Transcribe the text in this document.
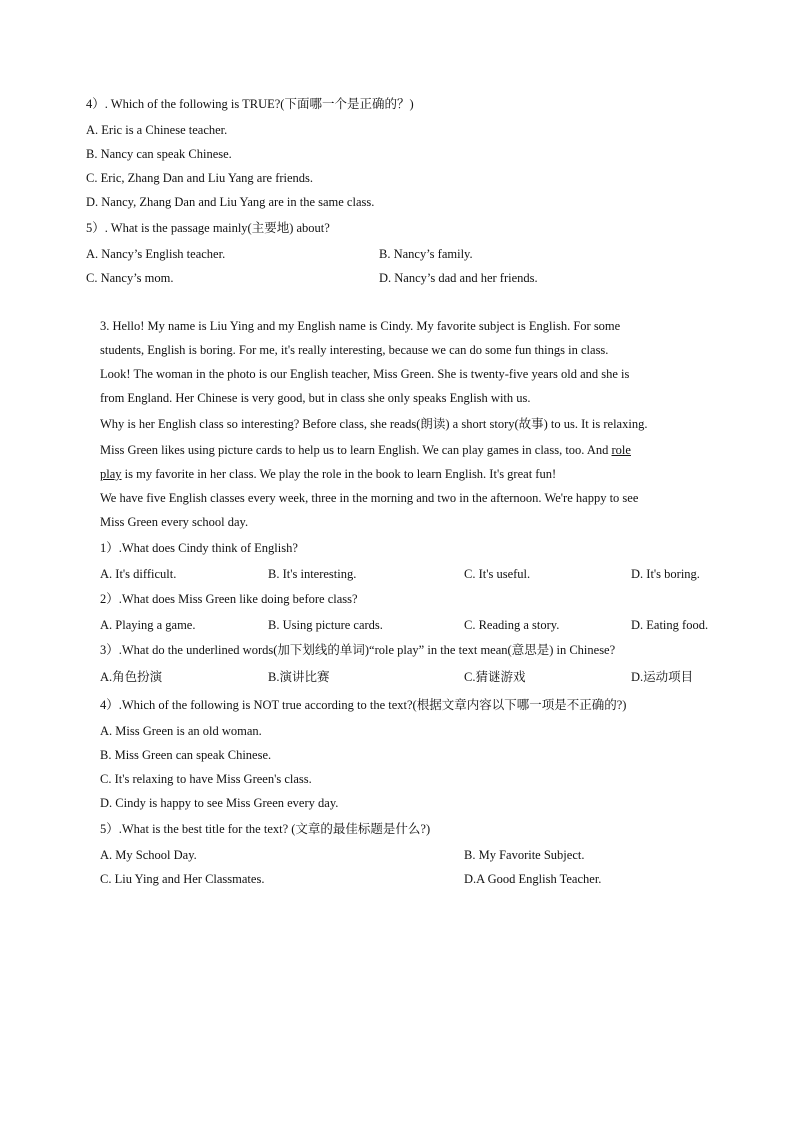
4）. Which of the following is TRUE?(下面哪一个是正确的？)
A. Eric is a Chinese teacher.
B. Nancy can speak Chinese.
C. Eric, Zhang Dan and Liu Yang are friends.
D. Nancy, Zhang Dan and Liu Yang are in the same class.
5）. What is the passage mainly(主要地) about?
A. Nancy’s English teacher.	B. Nancy’s family.
C. Nancy’s mom.	D. Nancy’s dad and her friends.
3. Hello! My name is Liu Ying and my English name is Cindy. My favorite subject is English. For some
students, English is boring. For me, it's really interesting, because we can do some fun things in class.
Look! The woman in the photo is our English teacher, Miss Green. She is twenty-five years old and she is
from England. Her Chinese is very good, but in class she only speaks English with us.
Why is her English class so interesting? Before class, she reads(朗读) a short story(故事) to us. It is relaxing.
Miss Green likes using picture cards to help us to learn English. We can play games in class, too. And role
play is my favorite in her class. We play the role in the book to learn English. It's great fun!
We have five English classes every week, three in the morning and two in the afternoon. We're happy to see
Miss Green every school day.
1）.What does Cindy think of English?
A. It's difficult.	B. It's interesting.	C. It's useful.	D. It's boring.
2）.What does Miss Green like doing before class?
A. Playing a game.	B. Using picture cards.	C. Reading a story.	D. Eating food.
3）.What do the underlined words(加下划线的单词)“role play” in the text mean(意思是) in Chinese?
A.角色扮演	B.演讲比赛	C.猜谜游戏	D.运动项目
4）.Which of the following is NOT true according to the text?(根据文章内容以下哪一项是不正确的?)
A. Miss Green is an old woman.
B. Miss Green can speak Chinese.
C. It's relaxing to have Miss Green's class.
D. Cindy is happy to see Miss Green every day.
5）.What is the best title for the text? (文章的最佳标题是什么?)
A. My School Day.	B. My Favorite Subject.
C. Liu Ying and Her Classmates.	D.A Good English Teacher.
